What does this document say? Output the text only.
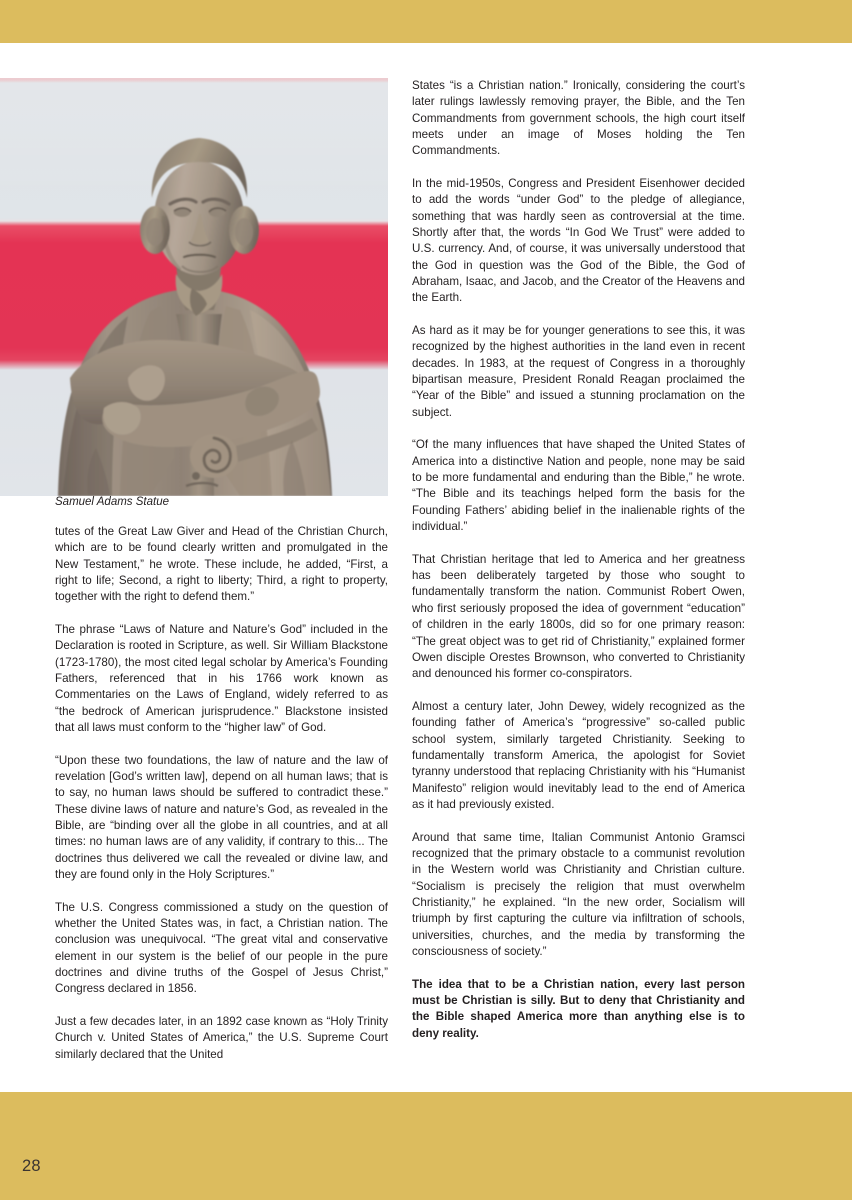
Samuel Adams Statue

tutes of the Great Law Giver and Head of the Christian Church, which are to be found clearly written and promulgated in the New Testament,” he wrote. These include, he added, “First, a right to life; Second, a right to liberty; Third, a right to property, together with the right to defend them.”

The phrase “Laws of Nature and Nature’s God” included in the Declaration is rooted in Scripture, as well. Sir William Blackstone (1723-1780), the most cited legal scholar by America’s Founding Fathers, referenced that in his 1766 work known as Commentaries on the Laws of England, widely referred to as “the bedrock of American jurisprudence.” Blackstone insisted that all laws must conform to the “higher law” of God.

“Upon these two foundations, the law of nature and the law of revelation [God’s written law], depend on all human laws; that is to say, no human laws should be suffered to contradict these.” These divine laws of nature and nature’s God, as revealed in the Bible, are “binding over all the globe in all countries, and at all times: no human laws are of any validity, if contrary to this... The doctrines thus delivered we call the revealed or divine law, and they are found only in the Holy Scriptures.”

The U.S. Congress commissioned a study on the question of whether the United States was, in fact, a Christian nation. The conclusion was unequivocal. “The great vital and conservative element in our system is the belief of our people in the pure doctrines and divine truths of the Gospel of Jesus Christ,” Congress declared in 1856.

Just a few decades later, in an 1892 case known as “Holy Trinity Church v. United States of America,” the U.S. Supreme Court similarly declared that the United

States “is a Christian nation.” Ironically, considering the court’s later rulings lawlessly removing prayer, the Bible, and the Ten Commandments from government schools, the high court itself meets under an image of Moses holding the Ten Commandments.

In the mid-1950s, Congress and President Eisenhower decided to add the words “under God” to the pledge of allegiance, something that was hardly seen as controversial at the time. Shortly after that, the words “In God We Trust” were added to U.S. currency. And, of course, it was universally understood that the God in question was the God of the Bible, the God of Abraham, Isaac, and Jacob, and the Creator of the Heavens and the Earth.

As hard as it may be for younger generations to see this, it was recognized by the highest authorities in the land even in recent decades. In 1983, at the request of Congress in a thoroughly bipartisan measure, President Ronald Reagan proclaimed the “Year of the Bible” and issued a stunning proclamation on the subject.

“Of the many influences that have shaped the United States of America into a distinctive Nation and people, none may be said to be more fundamental and enduring than the Bible,” he wrote. “The Bible and its teachings helped form the basis for the Founding Fathers’ abiding belief in the inalienable rights of the individual.”

That Christian heritage that led to America and her greatness has been deliberately targeted by those who sought to fundamentally transform the nation. Communist Robert Owen, who first seriously proposed the idea of government “education” of children in the early 1800s, did so for one primary reason: “The great object was to get rid of Christianity,” explained former Owen disciple Orestes Brownson, who converted to Christianity and denounced his former co-conspirators.

Almost a century later, John Dewey, widely recognized as the founding father of America’s “progressive” so-called public school system, similarly targeted Christianity. Seeking to fundamentally transform America, the apologist for Soviet tyranny understood that replacing Christianity with his “Humanist Manifesto” religion would inevitably lead to the end of America as it had previously existed.

Around that same time, Italian Communist Antonio Gramsci recognized that the primary obstacle to a communist revolution in the Western world was Christianity and Christian culture. “Socialism is precisely the religion that must overwhelm Christianity,” he explained. “In the new order, Socialism will triumph by first capturing the culture via infiltration of schools, universities, churches, and the media by transforming the consciousness of society.”

The idea that to be a Christian nation, every last person must be Christian is silly. But to deny that Christianity and the Bible shaped America more than anything else is to deny reality.

28
